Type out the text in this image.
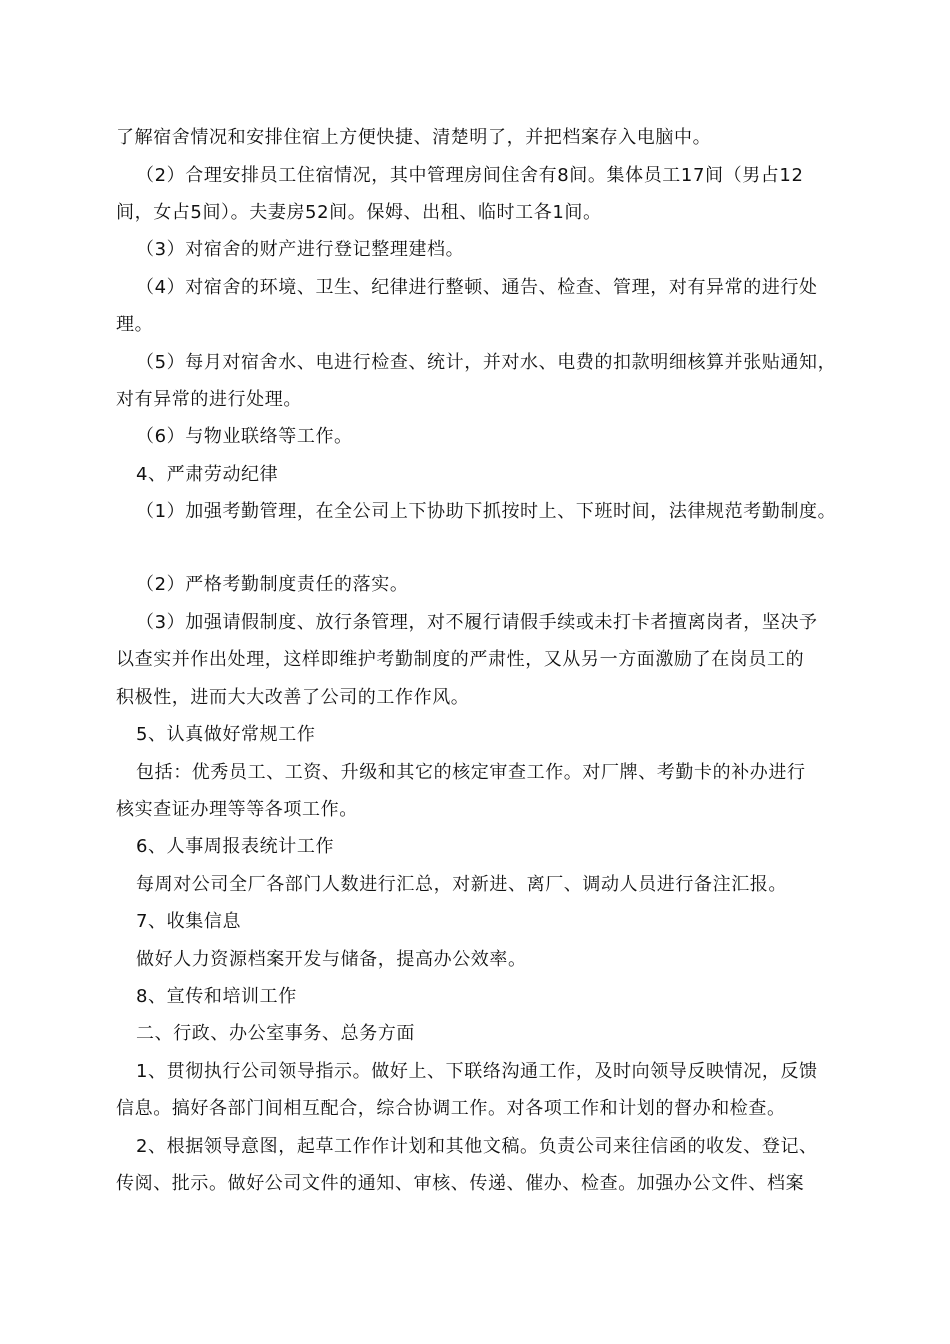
了解宿舍情况和安排住宿上方便快捷、清楚明了，并把档案存入电脑中。
（2）合理安排员工住宿情况，其中管理房间住舍有8间。集体员工17间（男占12
间，女占5间）。夫妻房52间。保姆、出租、临时工各1间。
（3）对宿舍的财产进行登记整理建档。
（4）对宿舍的环境、卫生、纪律进行整顿、通告、检查、管理，对有异常的进行处
理。
（5）每月对宿舍水、电进行检查、统计，并对水、电费的扣款明细核算并张贴通知，
对有异常的进行处理。
（6）与物业联络等工作。
4、严肃劳动纪律
（1）加强考勤管理，在全公司上下协助下抓按时上、下班时间，法律规范考勤制度。
（2）严格考勤制度责任的落实。
（3）加强请假制度、放行条管理，对不履行请假手续或未打卡者擅离岗者，坚决予
以查实并作出处理，这样即维护考勤制度的严肃性，又从另一方面激励了在岗员工的
积极性，进而大大改善了公司的工作作风。
5、认真做好常规工作
包括：优秀员工、工资、升级和其它的核定审查工作。对厂牌、考勤卡的补办进行
核实查证办理等等各项工作。
6、人事周报表统计工作
每周对公司全厂各部门人数进行汇总，对新进、离厂、调动人员进行备注汇报。
7、收集信息
做好人力资源档案开发与储备，提高办公效率。
8、宣传和培训工作
二、行政、办公室事务、总务方面
1、贯彻执行公司领导指示。做好上、下联络沟通工作，及时向领导反映情况，反馈
信息。搞好各部门间相互配合，综合协调工作。对各项工作和计划的督办和检查。
2、根据领导意图，起草工作作计划和其他文稿。负责公司来往信函的收发、登记、
传阅、批示。做好公司文件的通知、审核、传递、催办、检查。加强办公文件、档案
